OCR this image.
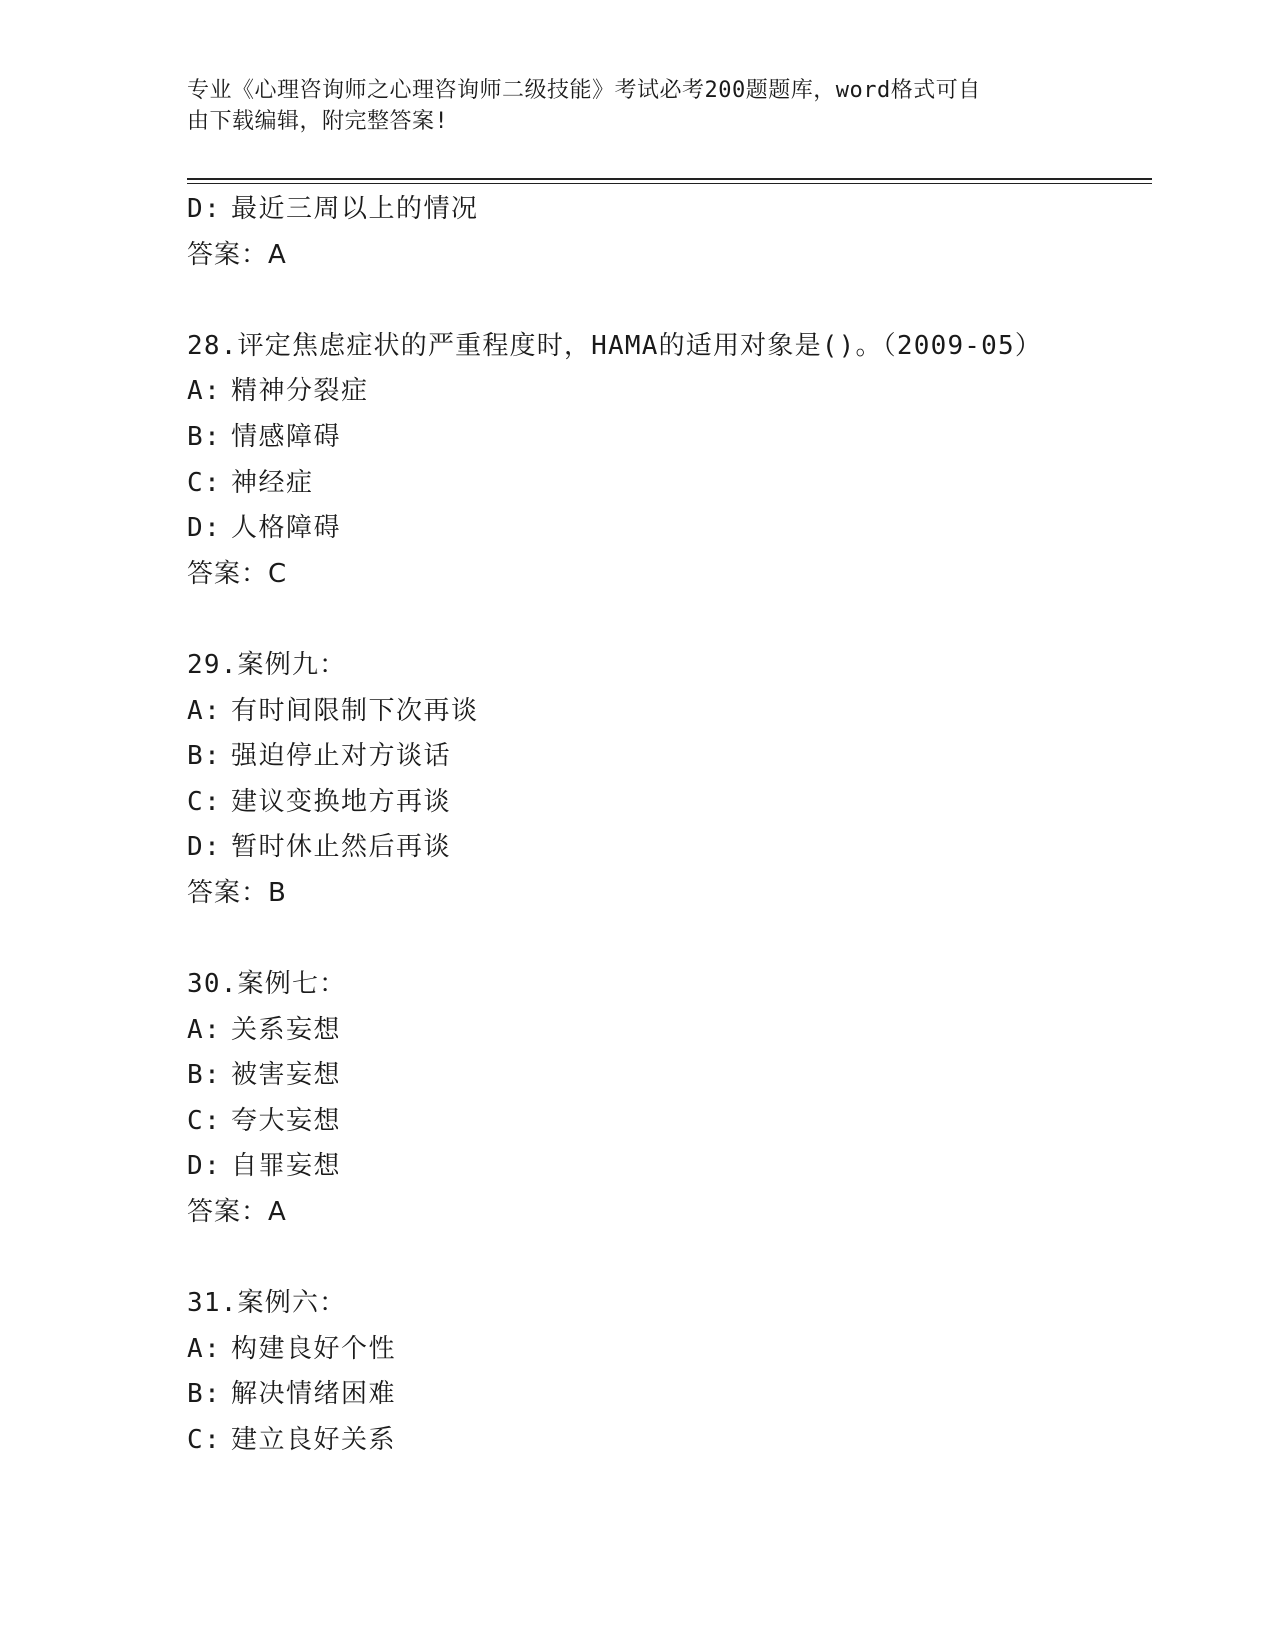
专业《心理咨询师之心理咨询师二级技能》考试必考200题题库，word格式可自
由下载编辑，附完整答案!
D: 最近三周以上的情况
答案：A
28.评定焦虑症状的严重程度时，HAMA的适用对象是()。（2009-05）
A: 精神分裂症
B: 情感障碍
C: 神经症
D: 人格障碍
答案：C
29.案例九：
A: 有时间限制下次再谈
B: 强迫停止对方谈话
C: 建议变换地方再谈
D: 暂时休止然后再谈
答案：B
30.案例七：
A: 关系妄想
B: 被害妄想
C: 夸大妄想
D: 自罪妄想
答案：A
31.案例六：
A: 构建良好个性
B: 解决情绪困难
C: 建立良好关系
